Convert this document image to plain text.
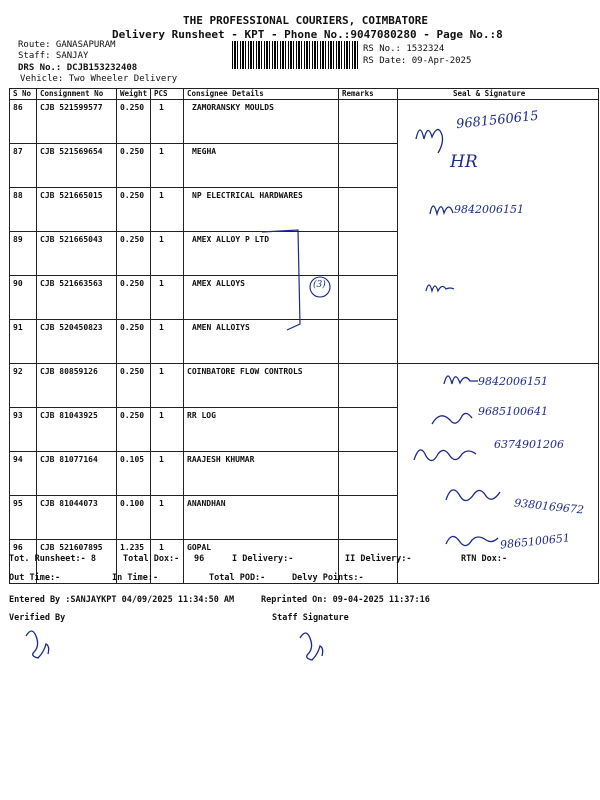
THE PROFESSIONAL COURIERS, COIMBATORE
Delivery Runsheet - KPT - Phone No.:9047080280 - Page No.:8
Route: GANASAPURAM
Staff: SANJAY
DRS No.: DCJB153232408
Vehicle: Two Wheeler Delivery
RS No.: 1532324
RS Date: 09-Apr-2025
S No	Consignment No	Weight	PCS	Consignee Details	Remarks	Seal & Signature
86	CJB 521599577	0.250	1	ZAMORANSKY MOULDS		
87	CJB 521569654	0.250	1	MEGHA		
88	CJB 521665015	0.250	1	NP ELECTRICAL HARDWARES		
89	CJB 521665043	0.250	1	AMEX ALLOY P LTD		
90	CJB 521663563	0.250	1	AMEX ALLOYS		
91	CJB 520450823	0.250	1	AMEN ALLOIYS		
92	CJB 80859126	0.250	1	COINBATORE FLOW CONTROLS		
93	CJB 81043925	0.250	1	RR LOG		
94	CJB 81077164	0.105	1	RAAJESH KHUMAR		
95	CJB 81044073	0.100	1	ANANDHAN		
96	CJB 521607895	1.235	1	GOPAL		
9681560615
HR
9842006151
(3)
9842006151
9685100641
6374901206
9380169672
9865100651
Tot. Runsheet:- 8	Total Dox:- 96	I Delivery:-	II Delivery:-	RTN Dox:-
Out Time:-	In Time:-	Total POD:-	Delvy Points:-
Entered By :SANJAYKPT 04/09/2025 11:34:50 AM	Reprinted On: 09-04-2025 11:37:16
Verified By	Staff Signature
